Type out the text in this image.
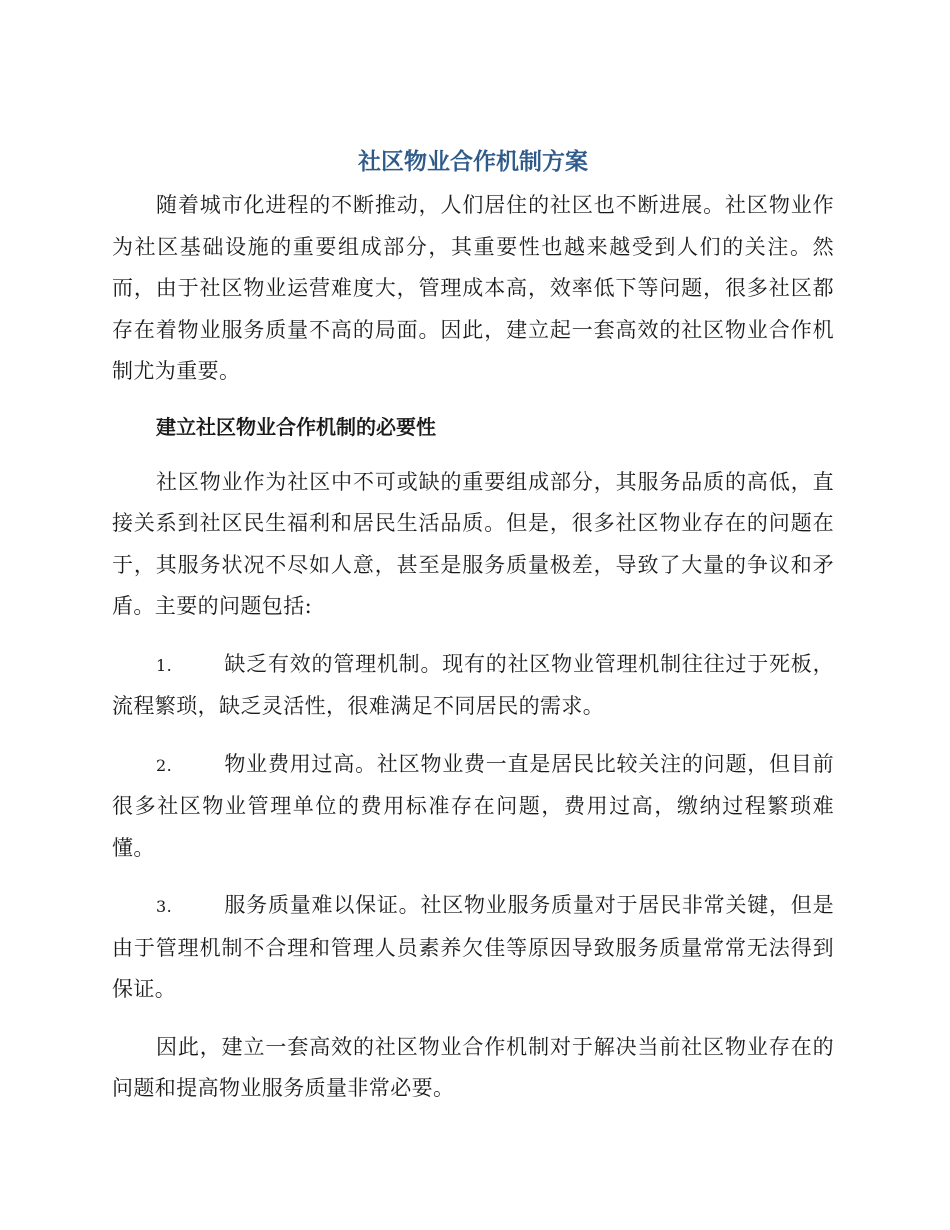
社区物业合作机制方案

随着城市化进程的不断推动，人们居住的社区也不断进展。社区物业作为社区基础设施的重要组成部分，其重要性也越来越受到人们的关注。然而，由于社区物业运营难度大，管理成本高，效率低下等问题，很多社区都存在着物业服务质量不高的局面。因此，建立起一套高效的社区物业合作机制尤为重要。

建立社区物业合作机制的必要性

社区物业作为社区中不可或缺的重要组成部分，其服务品质的高低，直接关系到社区民生福利和居民生活品质。但是，很多社区物业存在的问题在于，其服务状况不尽如人意，甚至是服务质量极差，导致了大量的争议和矛盾。主要的问题包括:

1. 缺乏有效的管理机制。现有的社区物业管理机制往往过于死板，流程繁琐，缺乏灵活性，很难满足不同居民的需求。

2. 物业费用过高。社区物业费一直是居民比较关注的问题，但目前很多社区物业管理单位的费用标准存在问题，费用过高，缴纳过程繁琐难懂。

3. 服务质量难以保证。社区物业服务质量对于居民非常关键，但是由于管理机制不合理和管理人员素养欠佳等原因导致服务质量常常无法得到保证。

因此，建立一套高效的社区物业合作机制对于解决当前社区物业存在的问题和提高物业服务质量非常必要。
